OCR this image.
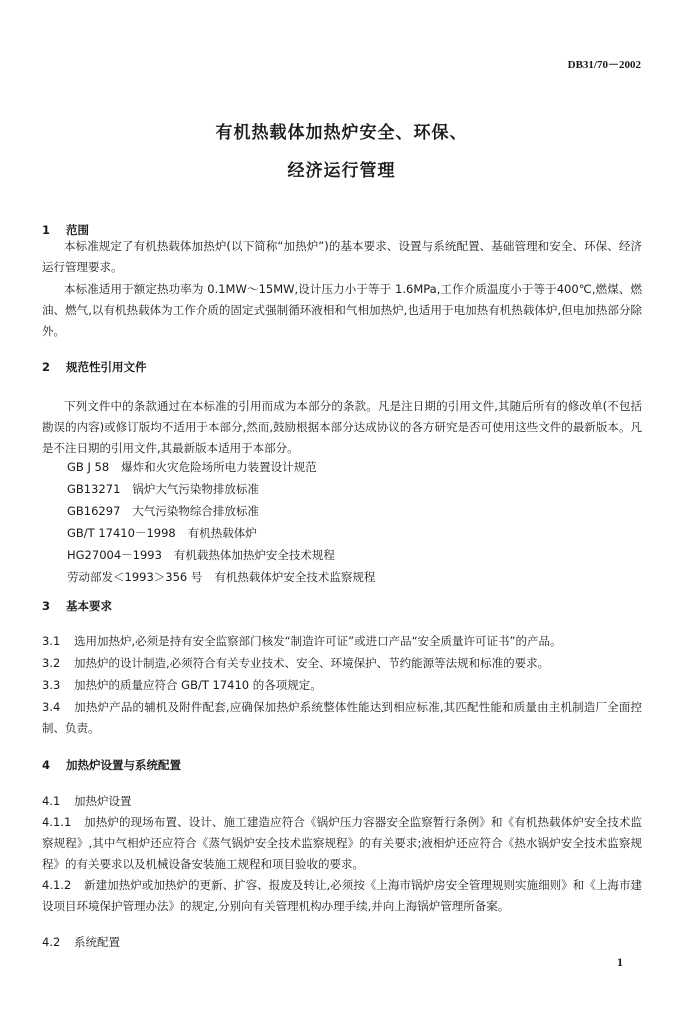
DB31/70－2002
有机热载体加热炉安全、环保、
经济运行管理
1 范围
本标准规定了有机热载体加热炉(以下简称“加热炉”)的基本要求、设置与系统配置、基础管理和安全、环保、经济运行管理要求。
本标准适用于额定热功率为 0.1MW～15MW,设计压力小于等于 1.6MPa,工作介质温度小于等于400℃,燃煤、燃油、燃气,以有机热载体为工作介质的固定式强制循环液相和气相加热炉,也适用于电加热有机热载体炉,但电加热部分除外。
2 规范性引用文件
下列文件中的条款通过在本标准的引用而成为本部分的条款。凡是注日期的引用文件,其随后所有的修改单(不包括勘误的内容)或修订版均不适用于本部分,然而,鼓励根据本部分达成协议的各方研究是否可使用这些文件的最新版本。凡是不注日期的引用文件,其最新版本适用于本部分。
GB J 58 爆炸和火灾危险场所电力装置设计规范
GB13271 锅炉大气污染物排放标准
GB16297 大气污染物综合排放标准
GB/T 17410－1998 有机热载体炉
HG27004－1993 有机载热体加热炉安全技术规程
劳动部发＜1993＞356 号 有机热载体炉安全技术监察规程
3 基本要求
3.1 选用加热炉,必须是持有安全监察部门核发“制造许可证”或进口产品“安全质量许可证书”的产品。
3.2 加热炉的设计制造,必须符合有关专业技术、安全、环境保护、节约能源等法规和标准的要求。
3.3 加热炉的质量应符合 GB/T 17410 的各项规定。
3.4 加热炉产品的辅机及附件配套,应确保加热炉系统整体性能达到相应标准,其匹配性能和质量由主机制造厂全面控制、负责。
4 加热炉设置与系统配置
4.1 加热炉设置
4.1.1 加热炉的现场布置、设计、施工建造应符合《锅炉压力容器安全监察暂行条例》和《有机热载体炉安全技术监察规程》,其中气相炉还应符合《蒸气锅炉安全技术监察规程》的有关要求;液相炉还应符合《热水锅炉安全技术监察规程》的有关要求以及机械设备安装施工规程和项目验收的要求。
4.1.2 新建加热炉或加热炉的更新、扩容、报废及转让,必须按《上海市锅炉房安全管理规则实施细则》和《上海市建设项目环境保护管理办法》的规定,分别向有关管理机构办理手续,并向上海锅炉管理所备案。
4.2 系统配置
1
